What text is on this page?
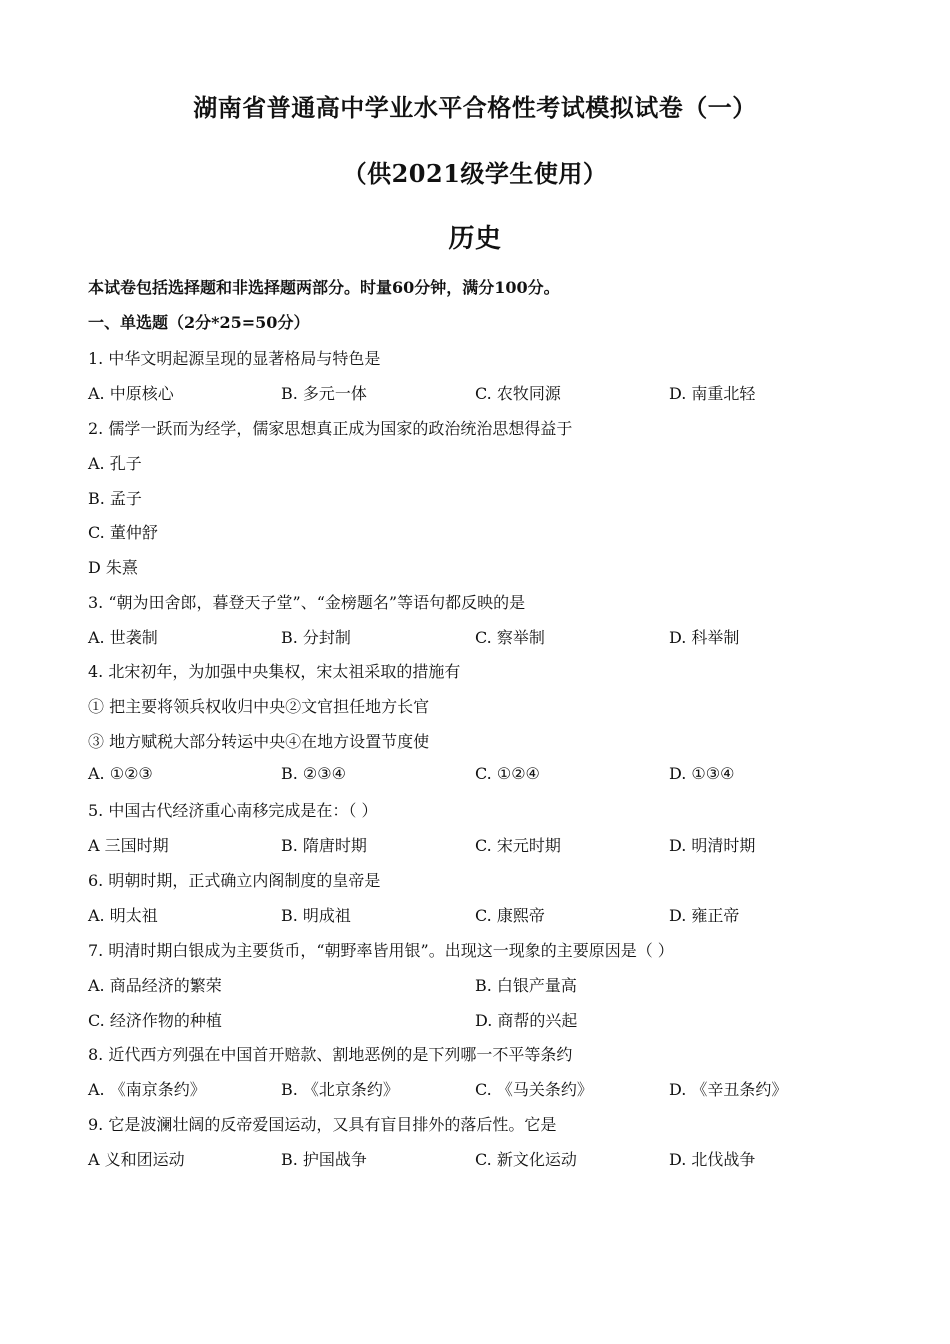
湖南省普通高中学业水平合格性考试模拟试卷（一）
（供2021级学生使用）
历史
本试卷包括选择题和非选择题两部分。时量60分钟，满分100分。
一、单选题（2分*25=50分）
1. 中华文明起源呈现的显著格局与特色是
A. 中原核心	B. 多元一体	C. 农牧同源	D. 南重北轻
2. 儒学一跃而为经学，儒家思想真正成为国家的政治统治思想得益于
A. 孔子
B. 孟子
C. 董仲舒
D 朱熹
3. “朝为田舍郎，暮登天子堂”、“金榜题名”等语句都反映的是
A. 世袭制	B. 分封制	C. 察举制	D. 科举制
4. 北宋初年，为加强中央集权，宋太祖采取的措施有
① 把主要将领兵权收归中央②文官担任地方长官
③ 地方赋税大部分转运中央④在地方设置节度使
A. ①②③	B. ②③④	C. ①②④	D. ①③④
5. 中国古代经济重心南移完成是在：（ ）
A 三国时期	B. 隋唐时期	C. 宋元时期	D. 明清时期
6. 明朝时期，正式确立内阁制度的皇帝是
A. 明太祖	B. 明成祖	C. 康熙帝	D. 雍正帝
7. 明清时期白银成为主要货币，“朝野率皆用银”。出现这一现象的主要原因是（ ）
A. 商品经济的繁荣	B. 白银产量高
C. 经济作物的种植	D. 商帮的兴起
8. 近代西方列强在中国首开赔款、割地恶例的是下列哪一不平等条约
A. 《南京条约》	B. 《北京条约》	C. 《马关条约》	D. 《辛丑条约》
9. 它是波澜壮阔的反帝爱国运动，又具有盲目排外的落后性。它是
A 义和团运动	B. 护国战争	C. 新文化运动	D. 北伐战争
